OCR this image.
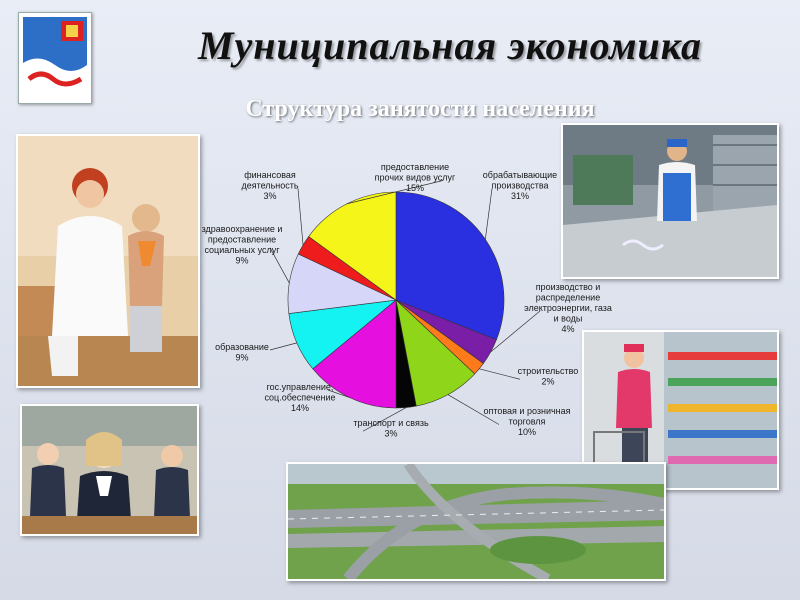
Муниципальная экономика
Структура занятости населения
обрабатывающие производства 31%
производство и распределение электроэнергии, газа и воды 4%
строительство 2%
оптовая и розничная торговля 10%
транспорт и связь 3%
гос.управление, соц.обеспечение 14%
образование 9%
здравоохранение и предоставление социальных услуг 9%
финансовая деятельность 3%
предоставление прочих видов услуг 15%
